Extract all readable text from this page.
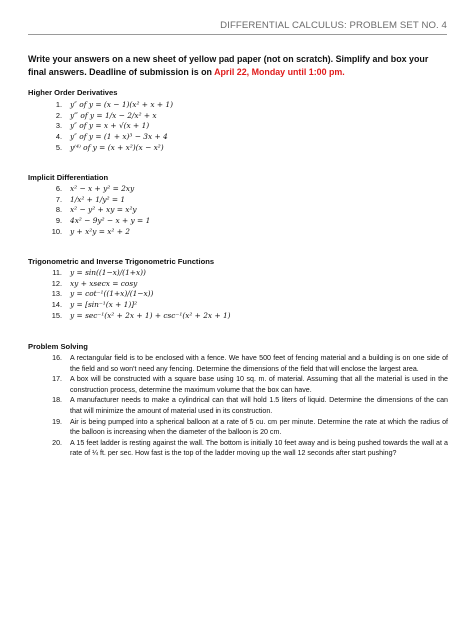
DIFFERENTIAL CALCULUS: PROBLEM SET NO. 4
Write your answers on a new sheet of yellow pad paper (not on scratch). Simplify and box your final answers. Deadline of submission is on April 22, Monday until 1:00 pm.
Higher Order Derivatives
1. y″ of y = (x − 1)(x² + x + 1)
2. y‴ of y = 1/x − 2/x² + x
3. y″ of y = x + √(x + 1)
4. y″ of y = (1 + x)³ − 3x + 4
5. y⁽⁴⁾ of y = (x + x²)(x − x²)
Implicit Differentiation
6. x² − x + y² = 2xy
7. 1/x² + 1/y² = 1
8. x² − y² + xy = x²y
9. 4x² − 9y² − x + y = 1
10. y + x²y = x² + 2
Trigonometric and Inverse Trigonometric Functions
11. y = sin((1−x)/(1+x))
12. xy + xsecx = cosy
13. y = cot⁻¹((1+x)/(1−x))
14. y = [sin⁻¹(x + 1)]²
15. y = sec⁻¹(x² + 2x + 1) + csc⁻¹(x² + 2x + 1)
Problem Solving
16. A rectangular field is to be enclosed with a fence. We have 500 feet of fencing material and a building is on one side of the field and so won't need any fencing. Determine the dimensions of the field that will enclose the largest area.
17. A box will be constructed with a square base using 10 sq. m. of material. Assuming that all the material is used in the construction process, determine the maximum volume that the box can have.
18. A manufacturer needs to make a cylindrical can that will hold 1.5 liters of liquid. Determine the dimensions of the can that will minimize the amount of material used in its construction.
19. Air is being pumped into a spherical balloon at a rate of 5 cu. cm per minute. Determine the rate at which the radius of the balloon is increasing when the diameter of the balloon is 20 cm.
20. A 15 feet ladder is resting against the wall. The bottom is initially 10 feet away and is being pushed towards the wall at a rate of ¼ ft. per sec. How fast is the top of the ladder moving up the wall 12 seconds after start pushing?
